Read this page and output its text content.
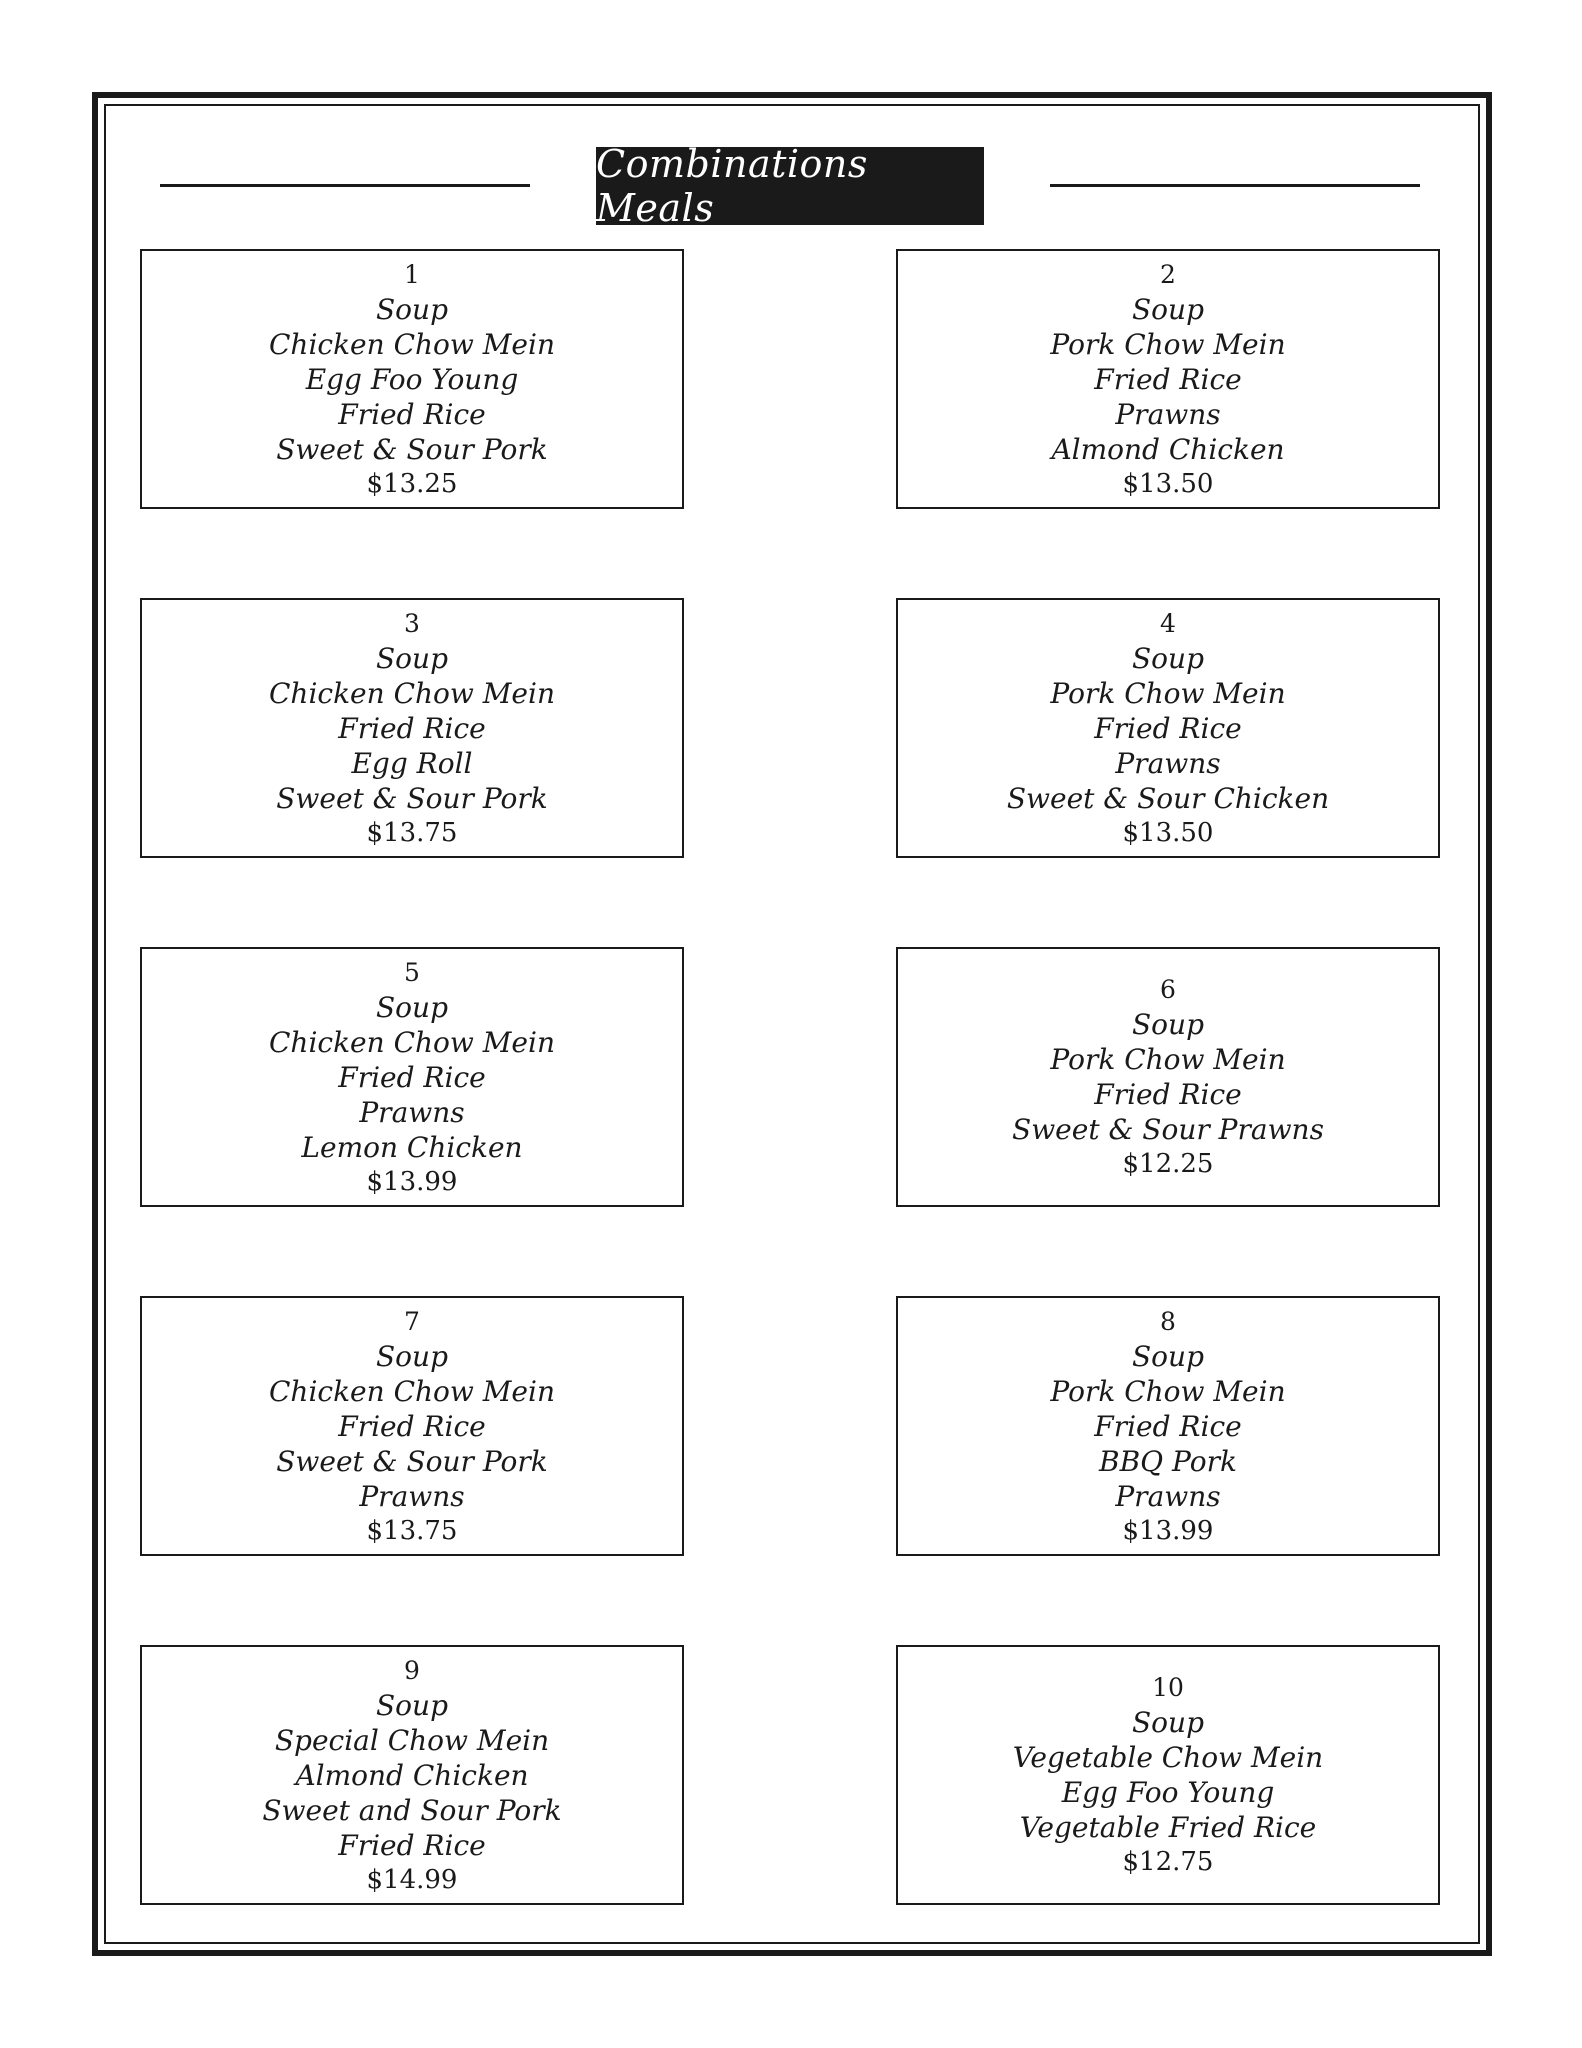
Combinations Meals
1
Soup
Chicken Chow Mein
Egg Foo Young
Fried Rice
Sweet & Sour Pork
$13.25
2
Soup
Pork Chow Mein
Fried Rice
Prawns
Almond Chicken
$13.50
3
Soup
Chicken Chow Mein
Fried Rice
Egg Roll
Sweet & Sour Pork
$13.75
4
Soup
Pork Chow Mein
Fried Rice
Prawns
Sweet & Sour Chicken
$13.50
5
Soup
Chicken Chow Mein
Fried Rice
Prawns
Lemon Chicken
$13.99
6
Soup
Pork Chow Mein
Fried Rice
Sweet & Sour Prawns
$12.25
7
Soup
Chicken Chow Mein
Fried Rice
Sweet & Sour Pork
Prawns
$13.75
8
Soup
Pork Chow Mein
Fried Rice
BBQ Pork
Prawns
$13.99
9
Soup
Special Chow Mein
Almond Chicken
Sweet and Sour Pork
Fried Rice
$14.99
10
Soup
Vegetable Chow Mein
Egg Foo Young
Vegetable Fried Rice
$12.75
